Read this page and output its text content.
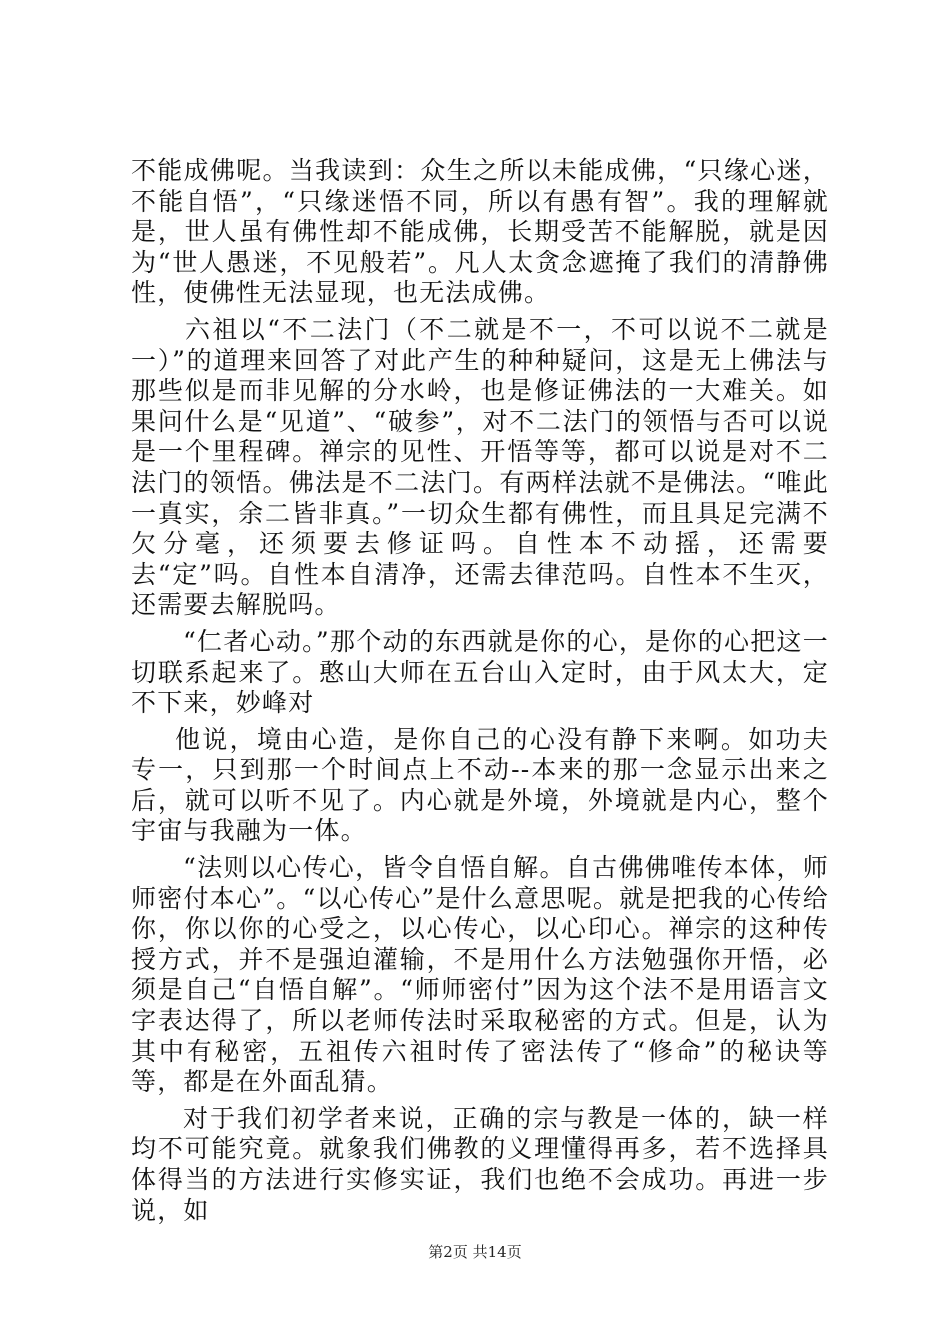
不能成佛呢。当我读到：众生之所以未能成佛，“只缘心迷，不能自悟”，“只缘迷悟不同，所以有愚有智”。我的理解就是，世人虽有佛性却不能成佛，长期受苦不能解脱，就是因为“世人愚迷，不见般若”。凡人太贪念遮掩了我们的清静佛性，使佛性无法显现，也无法成佛。

六祖以“不二法门（不二就是不一，不可以说不二就是一）”的道理来回答了对此产生的种种疑问，这是无上佛法与那些似是而非见解的分水岭，也是修证佛法的一大难关。如果问什么是“见道”、“破参”，对不二法门的领悟与否可以说是一个里程碑。禅宗的见性、开悟等等，都可以说是对不二法门的领悟。佛法是不二法门。有两样法就不是佛法。“唯此一真实，余二皆非真。”一切众生都有佛性，而且具足完满不欠分毫，还须要去修证吗。自性本不动摇，还需要去“定”吗。自性本自清净，还需去律范吗。自性本不生灭，还需要去解脱吗。

“仁者心动。”那个动的东西就是你的心，是你的心把这一切联系起来了。憨山大师在五台山入定时，由于风太大，定不下来，妙峰对

他说，境由心造，是你自己的心没有静下来啊。如功夫专一，只到那一个时间点上不动--本来的那一念显示出来之后，就可以听不见了。内心就是外境，外境就是内心，整个宇宙与我融为一体。

“法则以心传心，皆令自悟自解。自古佛佛唯传本体，师师密付本心”。“以心传心”是什么意思呢。就是把我的心传给你，你以你的心受之，以心传心，以心印心。禅宗的这种传授方式，并不是强迫灌输，不是用什么方法勉强你开悟，必须是自己“自悟自解”。“师师密付”因为这个法不是用语言文字表达得了，所以老师传法时采取秘密的方式。但是，认为其中有秘密，五祖传六祖时传了密法传了“修命”的秘诀等等，都是在外面乱猜。

对于我们初学者来说，正确的宗与教是一体的，缺一样均不可能究竟。就象我们佛教的义理懂得再多，若不选择具体得当的方法进行实修实证，我们也绝不会成功。再进一步说，如

第2页 共14页
